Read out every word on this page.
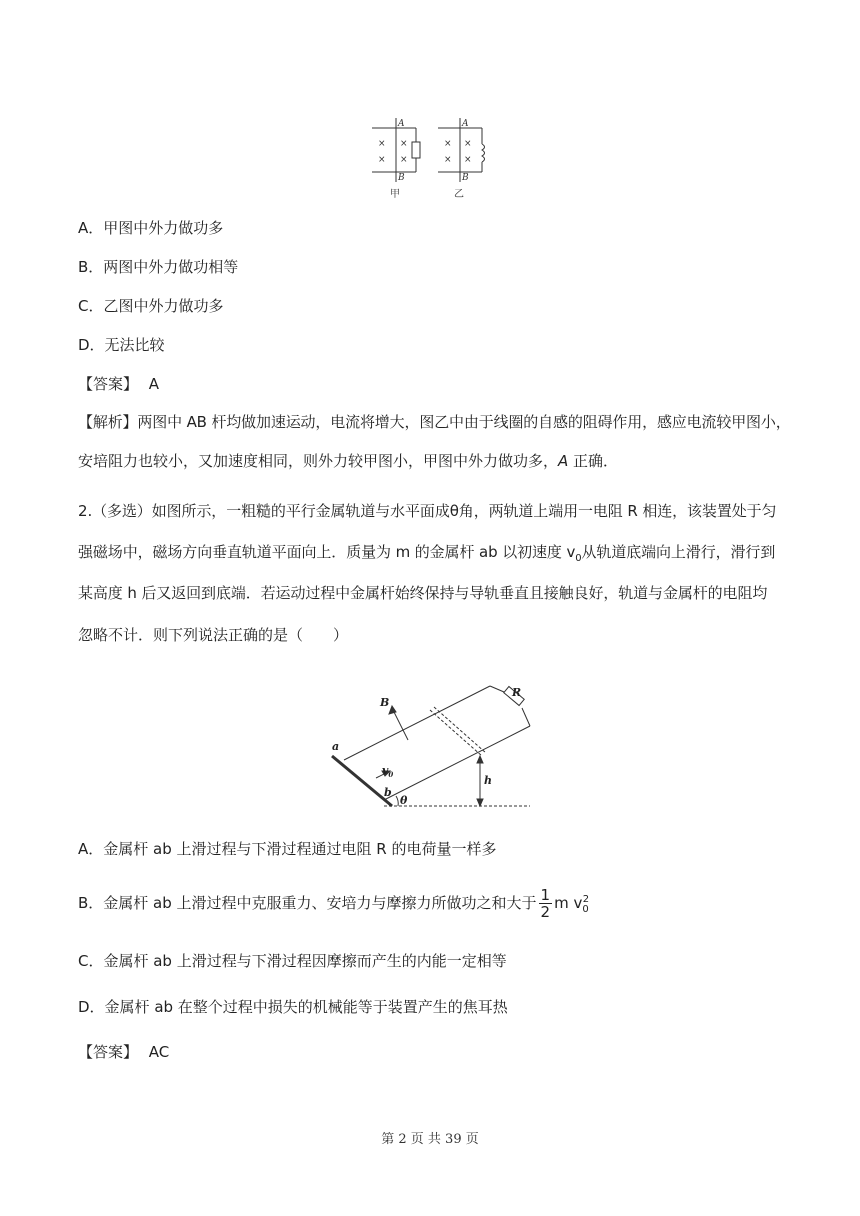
A
B
A
B
× ×
× ×
× ×
× ×
甲	乙
A．甲图中外力做功多
B．两图中外力做功相等
C．乙图中外力做功多
D．无法比较
【答案】 A
【解析】两图中 AB 杆均做加速运动，电流将增大，图乙中由于线圈的自感的阻碍作用，感应电流较甲图小，
安培阻力也较小，又加速度相同，则外力较甲图小，甲图中外力做功多，A 正确．
2.（多选）如图所示，一粗糙的平行金属轨道与水平面成θ角，两轨道上端用一电阻 R 相连，该装置处于匀
强磁场中，磁场方向垂直轨道平面向上．质量为 m 的金属杆 ab 以初速度 $v_0$从轨道底端向上滑行，滑行到
某高度 h 后又返回到底端．若运动过程中金属杆始终保持与导轨垂直且接触良好，轨道与金属杆的电阻均
忽略不计．则下列说法正确的是（　　）
B
R
a
b
h
θ
$v_0$
A．金属杆 ab 上滑过程与下滑过程通过电阻 R 的电荷量一样多
B．金属杆 ab 上滑过程中克服重力、安培力与摩擦力所做功之和大于 $\frac{1}{2}$ m $v_0^2$
C．金属杆 ab 上滑过程与下滑过程因摩擦而产生的内能一定相等
D．金属杆 ab 在整个过程中损失的机械能等于装置产生的焦耳热
【答案】 AC
第 2 页 共 39 页
